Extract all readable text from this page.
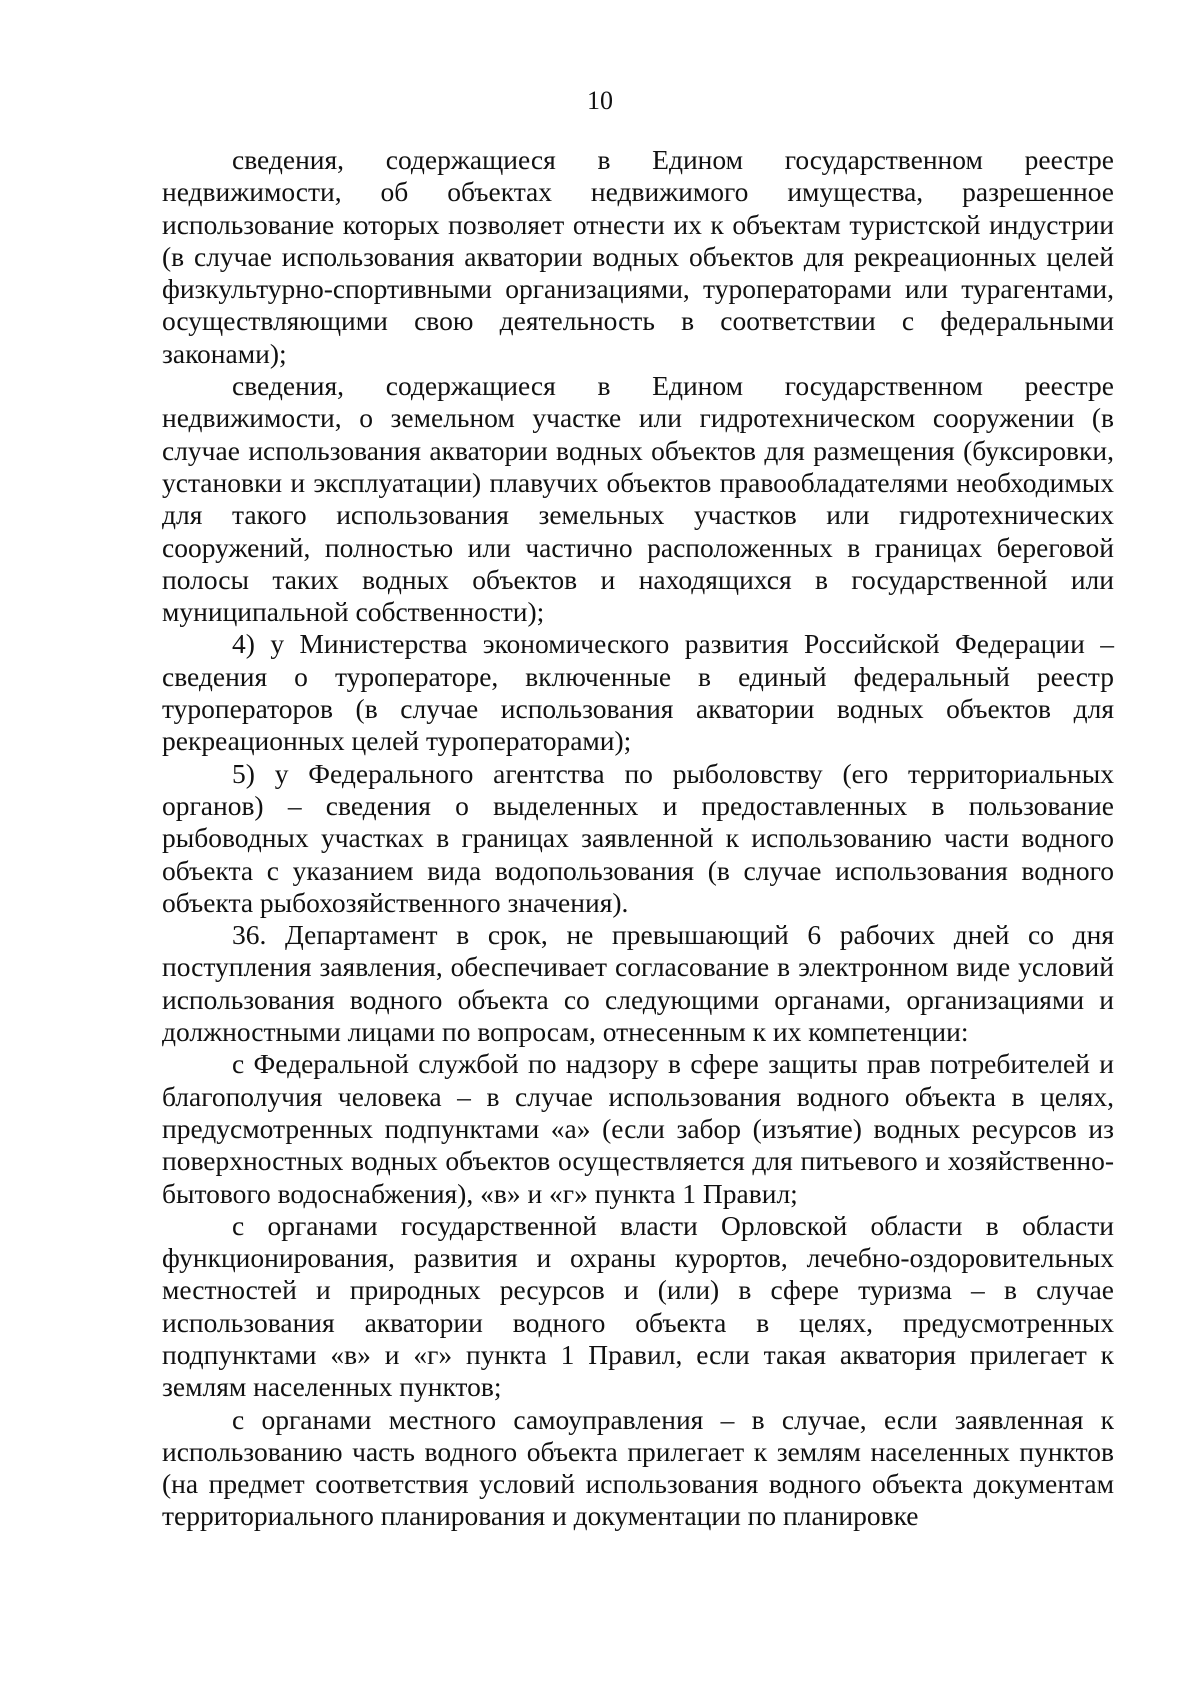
10

сведения, содержащиеся в Едином государственном реестре недвижимости, об объектах недвижимого имущества, разрешенное использование которых позволяет отнести их к объектам туристской индустрии (в случае использования акватории водных объектов для рекреационных целей физкультурно-спортивными организациями, туроператорами или турагентами, осуществляющими свою деятельность в соответствии с федеральными законами);

сведения, содержащиеся в Едином государственном реестре недвижимости, о земельном участке или гидротехническом сооружении (в случае использования акватории водных объектов для размещения (буксировки, установки и эксплуатации) плавучих объектов правообладателями необходимых для такого использования земельных участков или гидротехнических сооружений, полностью или частично расположенных в границах береговой полосы таких водных объектов и находящихся в государственной или муниципальной собственности);

4) у Министерства экономического развития Российской Федерации – сведения о туроператоре, включенные в единый федеральный реестр туроператоров (в случае использования акватории водных объектов для рекреационных целей туроператорами);

5) у Федерального агентства по рыболовству (его территориальных органов) – сведения о выделенных и предоставленных в пользование рыбоводных участках в границах заявленной к использованию части водного объекта с указанием вида водопользования (в случае использования водного объекта рыбохозяйственного значения).

36. Департамент в срок, не превышающий 6 рабочих дней со дня поступления заявления, обеспечивает согласование в электронном виде условий использования водного объекта со следующими органами, организациями и должностными лицами по вопросам, отнесенным к их компетенции:

с Федеральной службой по надзору в сфере защиты прав потребителей и благополучия человека – в случае использования водного объекта в целях, предусмотренных подпунктами «а» (если забор (изъятие) водных ресурсов из поверхностных водных объектов осуществляется для питьевого и хозяйственно-бытового водоснабжения), «в» и «г» пункта 1 Правил;

с органами государственной власти Орловской области в области функционирования, развития и охраны курортов, лечебно-оздоровительных местностей и природных ресурсов и (или) в сфере туризма – в случае использования акватории водного объекта в целях, предусмотренных подпунктами «в» и «г» пункта 1 Правил, если такая акватория прилегает к землям населенных пунктов;

с органами местного самоуправления – в случае, если заявленная к использованию часть водного объекта прилегает к землям населенных пунктов (на предмет соответствия условий использования водного объекта документам территориального планирования и документации по планировке
